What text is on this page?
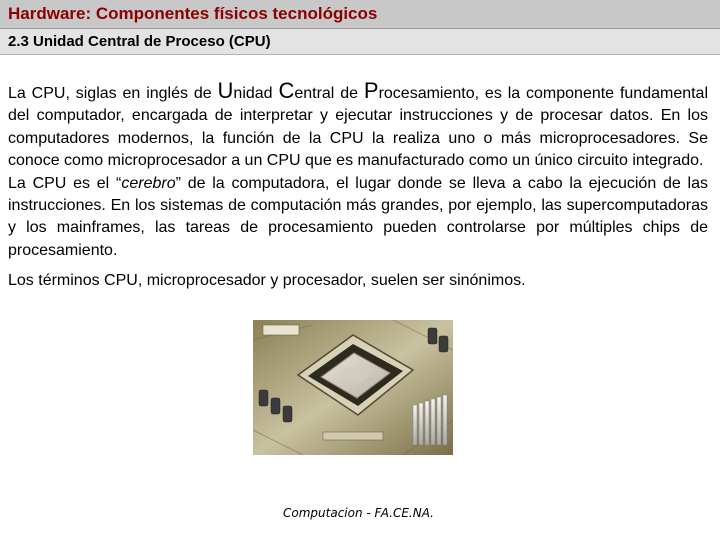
Hardware: Componentes físicos tecnológicos
2.3 Unidad Central de Proceso (CPU)

La CPU, siglas en inglés de Unidad Central de Procesamiento, es la componente fundamental del computador, encargada de interpretar y ejecutar instrucciones y de procesar datos. En los computadores modernos, la función de la CPU la realiza uno o más microprocesadores. Se conoce como microprocesador a un CPU que es manufacturado como un único circuito integrado.

La CPU es el “cerebro” de la computadora, el lugar donde se lleva a cabo la ejecución de las instrucciones. En los sistemas de computación más grandes, por ejemplo, las supercomputadoras y los mainframes, las tareas de procesamiento pueden controlarse por múltiples chips de procesamiento.

Los términos CPU, microprocesador y procesador, suelen ser sinónimos.

Computacion - FA.CE.NA.
